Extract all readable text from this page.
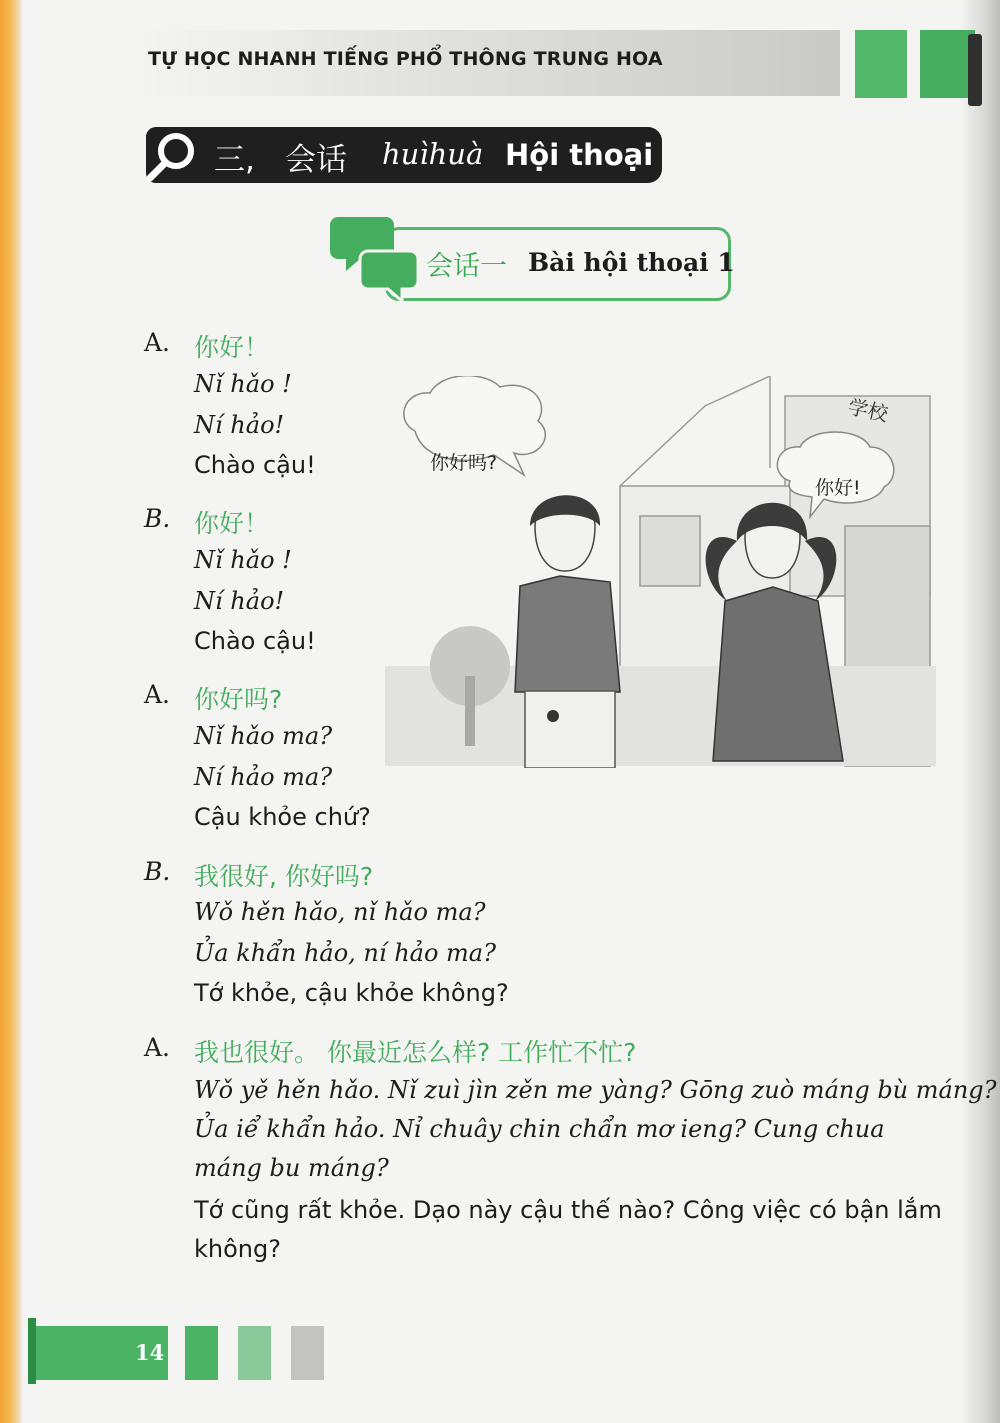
TỰ HỌC NHANH TIẾNG PHỔ THÔNG TRUNG HOA
三, 会话 huìhuà Hội thoại
会话一 Bài hội thoại 1
A. 你好！
Nǐ hǎo !
Ní hảo!
Chào cậu!
B. 你好！
Nǐ hǎo !
Ní hảo!
Chào cậu!
A. 你好吗?
Nǐ hǎo ma?
Ní hảo ma?
Cậu khỏe chứ?
B. 我很好, 你好吗?
Wǒ hěn hǎo, nǐ hǎo ma?
Ủa khẩn hảo, ní hảo ma?
Tớ khỏe, cậu khỏe không?
A. 我也很好。 你最近怎么样? 工作忙不忙?
Wǒ yě hěn hǎo. Nǐ zuì jìn zěn me yàng? Gōng zuò máng bù máng?
Ủa iể khẩn hảo. Nỉ chuây chin chẩn mơ ieng? Cung chua
máng bu máng?
Tớ cũng rất khỏe. Dạo này cậu thế nào? Công việc có bận lắm
không?
学校
你好吗?
你好!
14
